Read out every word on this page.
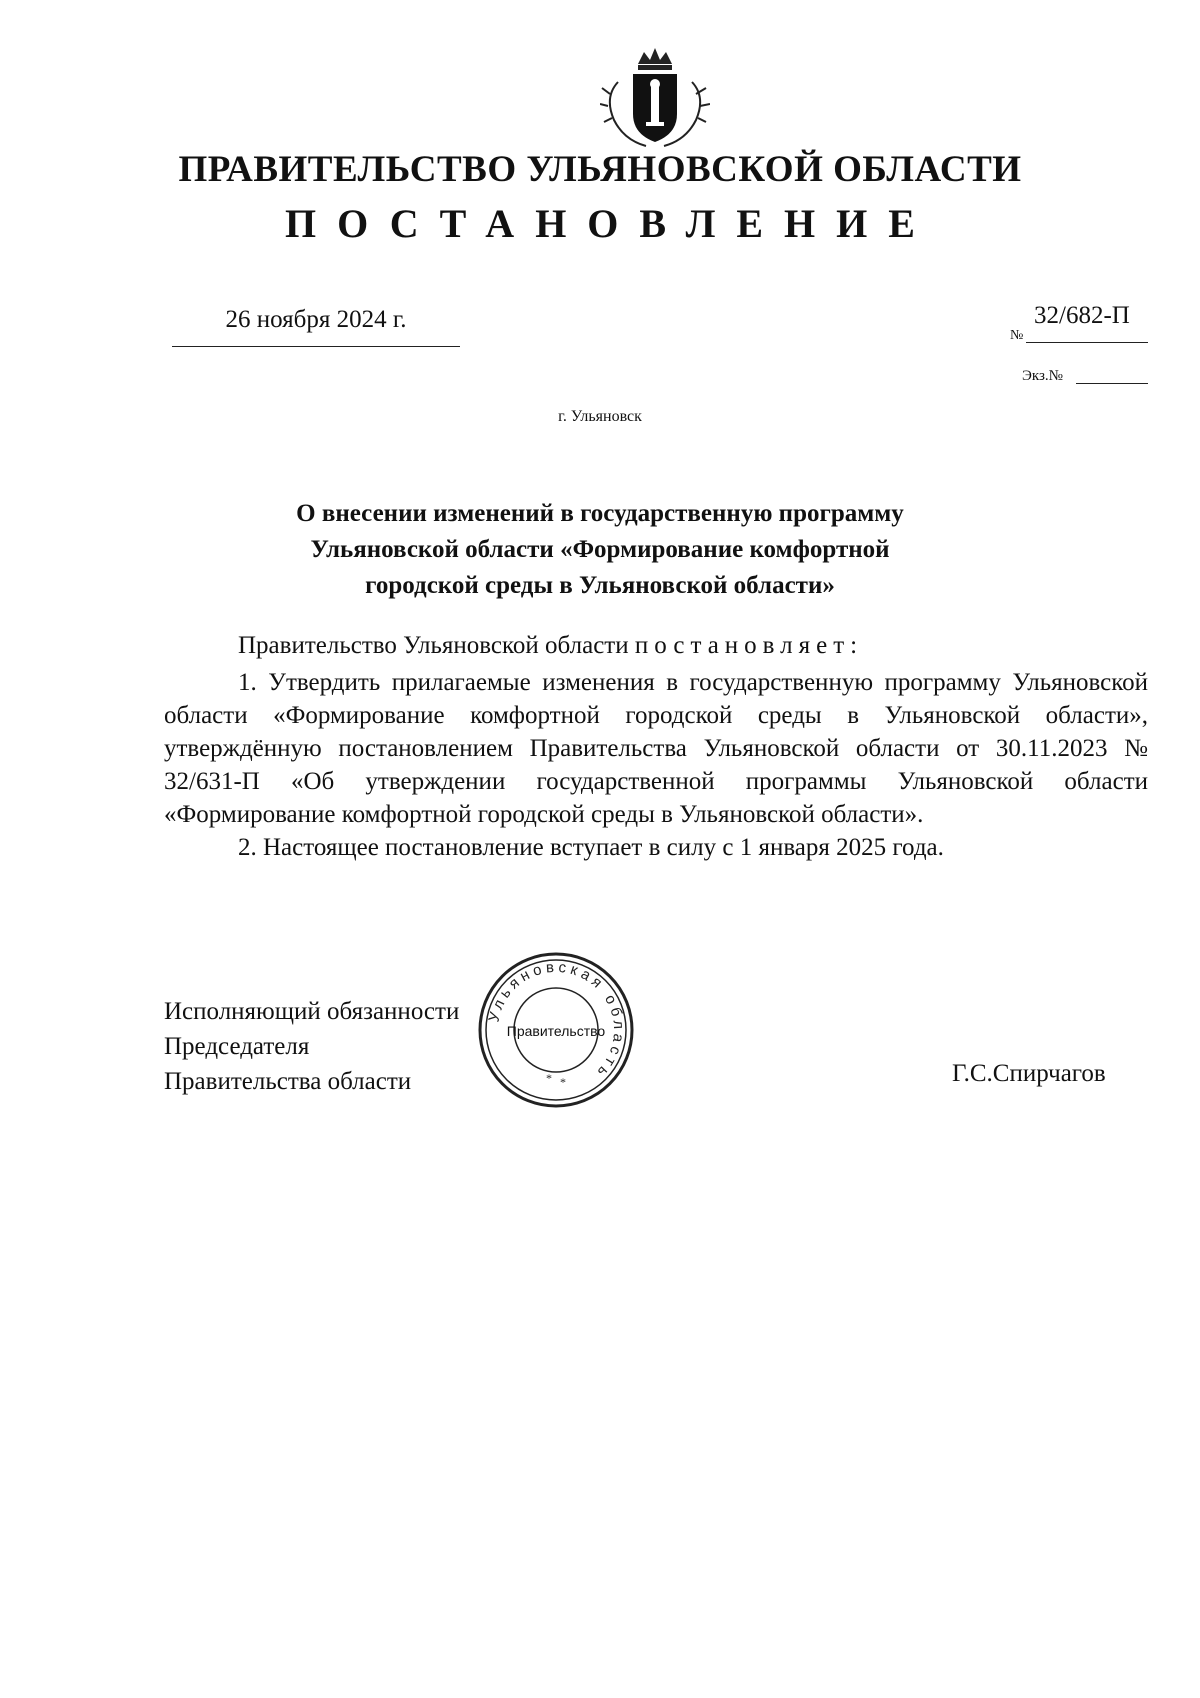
ПРАВИТЕЛЬСТВО УЛЬЯНОВСКОЙ ОБЛАСТИ
ПОСТАНОВЛЕНИЕ
26 ноября 2024 г.
№
32/682-П
Экз.№
г. Ульяновск
О внесении изменений в государственную программу
Ульяновской области «Формирование комфортной
городской среды в Ульяновской области»
Правительство Ульяновской области постановляет:

1. Утвердить прилагаемые изменения в государственную программу Ульяновской области «Формирование комфортной городской среды в Ульяновской области», утверждённую постановлением Правительства Ульяновской области от 30.11.2023 № 32/631-П «Об утверждении государственной программы Ульяновской области «Формирование комфортной городской среды в Ульяновской области».

2. Настоящее постановление вступает в силу с 1 января 2025 года.

Исполняющий обязанности
Председателя
Правительства области
Ульяновская область
* *
Правительство
Г.С.Спирчагов
